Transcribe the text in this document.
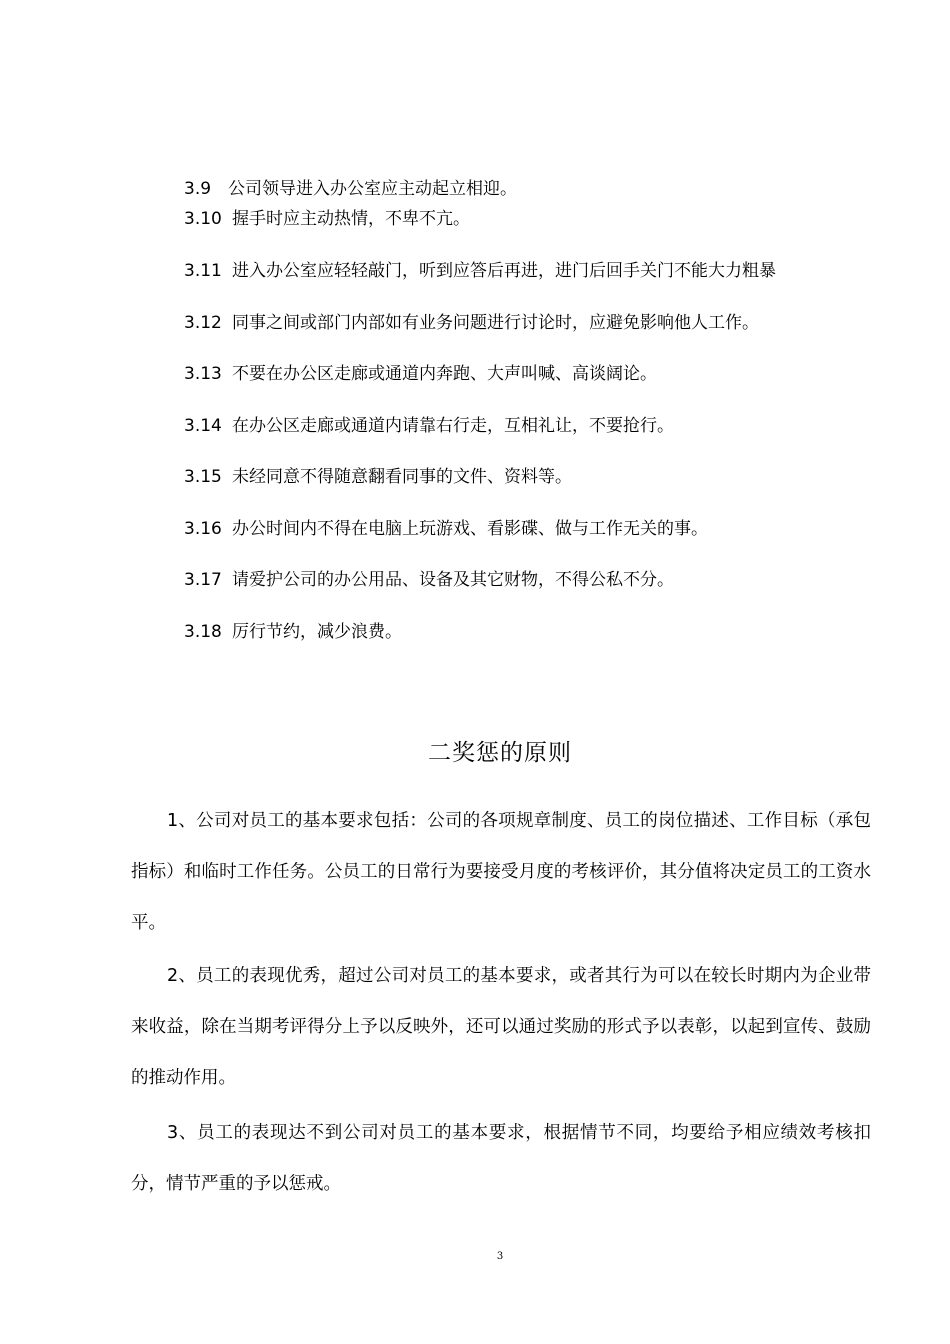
3.9 公司领导进入办公室应主动起立相迎。
3.10 握手时应主动热情，不卑不亢。
3.11 进入办公室应轻轻敲门，听到应答后再进，进门后回手关门不能大力粗暴
3.12 同事之间或部门内部如有业务问题进行讨论时，应避免影响他人工作。
3.13 不要在办公区走廊或通道内奔跑、大声叫喊、高谈阔论。
3.14 在办公区走廊或通道内请靠右行走，互相礼让，不要抢行。
3.15 未经同意不得随意翻看同事的文件、资料等。
3.16 办公时间内不得在电脑上玩游戏、看影碟、做与工作无关的事。
3.17 请爱护公司的办公用品、设备及其它财物，不得公私不分。
3.18 厉行节约，减少浪费。
二奖惩的原则

1、公司对员工的基本要求包括：公司的各项规章制度、员工的岗位描述、工作目标（承包指标）和临时工作任务。公员工的日常行为要接受月度的考核评价，其分值将决定员工的工资水平。

2、员工的表现优秀，超过公司对员工的基本要求，或者其行为可以在较长时期内为企业带来收益，除在当期考评得分上予以反映外，还可以通过奖励的形式予以表彰，以起到宣传、鼓励的推动作用。

3、员工的表现达不到公司对员工的基本要求，根据情节不同，均要给予相应绩效考核扣分，情节严重的予以惩戒。

3
